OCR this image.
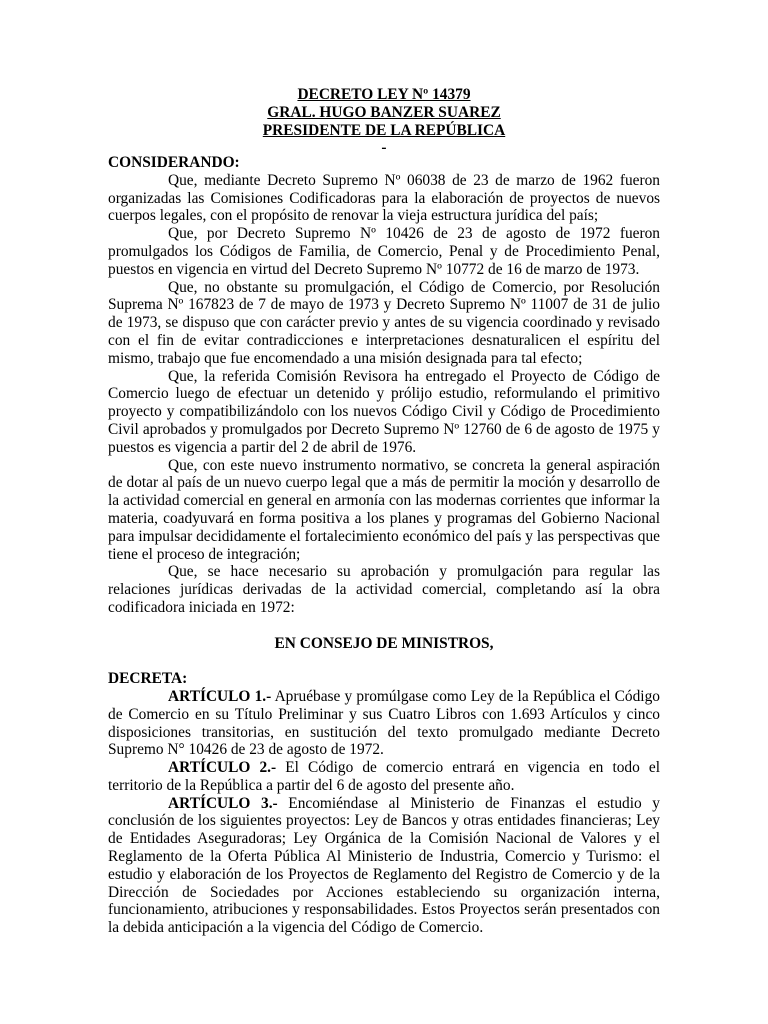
DECRETO LEY Nº 14379
GRAL. HUGO BANZER SUAREZ
PRESIDENTE DE LA REPÚBLICA
-
CONSIDERANDO:

Que, mediante Decreto Supremo Nº 06038 de 23 de marzo de 1962 fueron organizadas las Comisiones Codificadoras para la elaboración de proyectos de nuevos cuerpos legales, con el propósito de renovar la vieja estructura jurídica del país;

Que, por Decreto Supremo Nº 10426 de 23 de agosto de 1972 fueron promulgados los Códigos de Familia, de Comercio, Penal y de Procedimiento Penal, puestos en vigencia en virtud del Decreto Supremo Nº 10772 de 16 de marzo de 1973.

Que, no obstante su promulgación, el Código de Comercio, por Resolución Suprema Nº 167823 de 7 de mayo de 1973 y Decreto Supremo Nº 11007 de 31 de julio de 1973, se dispuso que con carácter previo y antes de su vigencia coordinado y revisado con el fin de evitar contradicciones e interpretaciones desnaturalicen el espíritu del mismo, trabajo que fue encomendado a una misión designada para tal efecto;

Que, la referida Comisión Revisora ha entregado el Proyecto de Código de Comercio luego de efectuar un detenido y prólijo estudio, reformulando el primitivo proyecto y compatibilizándolo con los nuevos Código Civil y Código de Procedimiento Civil aprobados y promulgados por Decreto Supremo Nº 12760 de 6 de agosto de 1975 y puestos es vigencia a partir del 2 de abril de 1976.

Que, con este nuevo instrumento normativo, se concreta la general aspiración de dotar al país de un nuevo cuerpo legal que a más de permitir la moción y desarrollo de la actividad comercial en general en armonía con las modernas corrientes que informar la materia, coadyuvará en forma positiva a los planes y programas del Gobierno Nacional para impulsar decididamente el fortalecimiento económico del país y las perspectivas que tiene el proceso de integración;

Que, se hace necesario su aprobación y promulgación para regular las relaciones jurídicas derivadas de la actividad comercial, completando así la obra codificadora iniciada en 1972:

EN CONSEJO DE MINISTROS,

DECRETA:

ARTÍCULO 1.- Apruébase y promúlgase como Ley de la República el Código de Comercio en su Título Preliminar y sus Cuatro Libros con 1.693 Artículos y cinco disposiciones transitorias, en sustitución del texto promulgado mediante Decreto Supremo N° 10426 de 23 de agosto de 1972.

ARTÍCULO 2.- El Código de comercio entrará en vigencia en todo el territorio de la República a partir del 6 de agosto del presente año.

ARTÍCULO 3.- Encomiéndase al Ministerio de Finanzas el estudio y conclusión de los siguientes proyectos: Ley de Bancos y otras entidades financieras; Ley de Entidades Aseguradoras; Ley Orgánica de la Comisión Nacional de Valores y el Reglamento de la Oferta Pública Al Ministerio de Industria, Comercio y Turismo: el estudio y elaboración de los Proyectos de Reglamento del Registro de Comercio y de la Dirección de Sociedades por Acciones estableciendo su organización interna, funcionamiento, atribuciones y responsabilidades. Estos Proyectos serán presentados con la debida anticipación a la vigencia del Código de Comercio.
